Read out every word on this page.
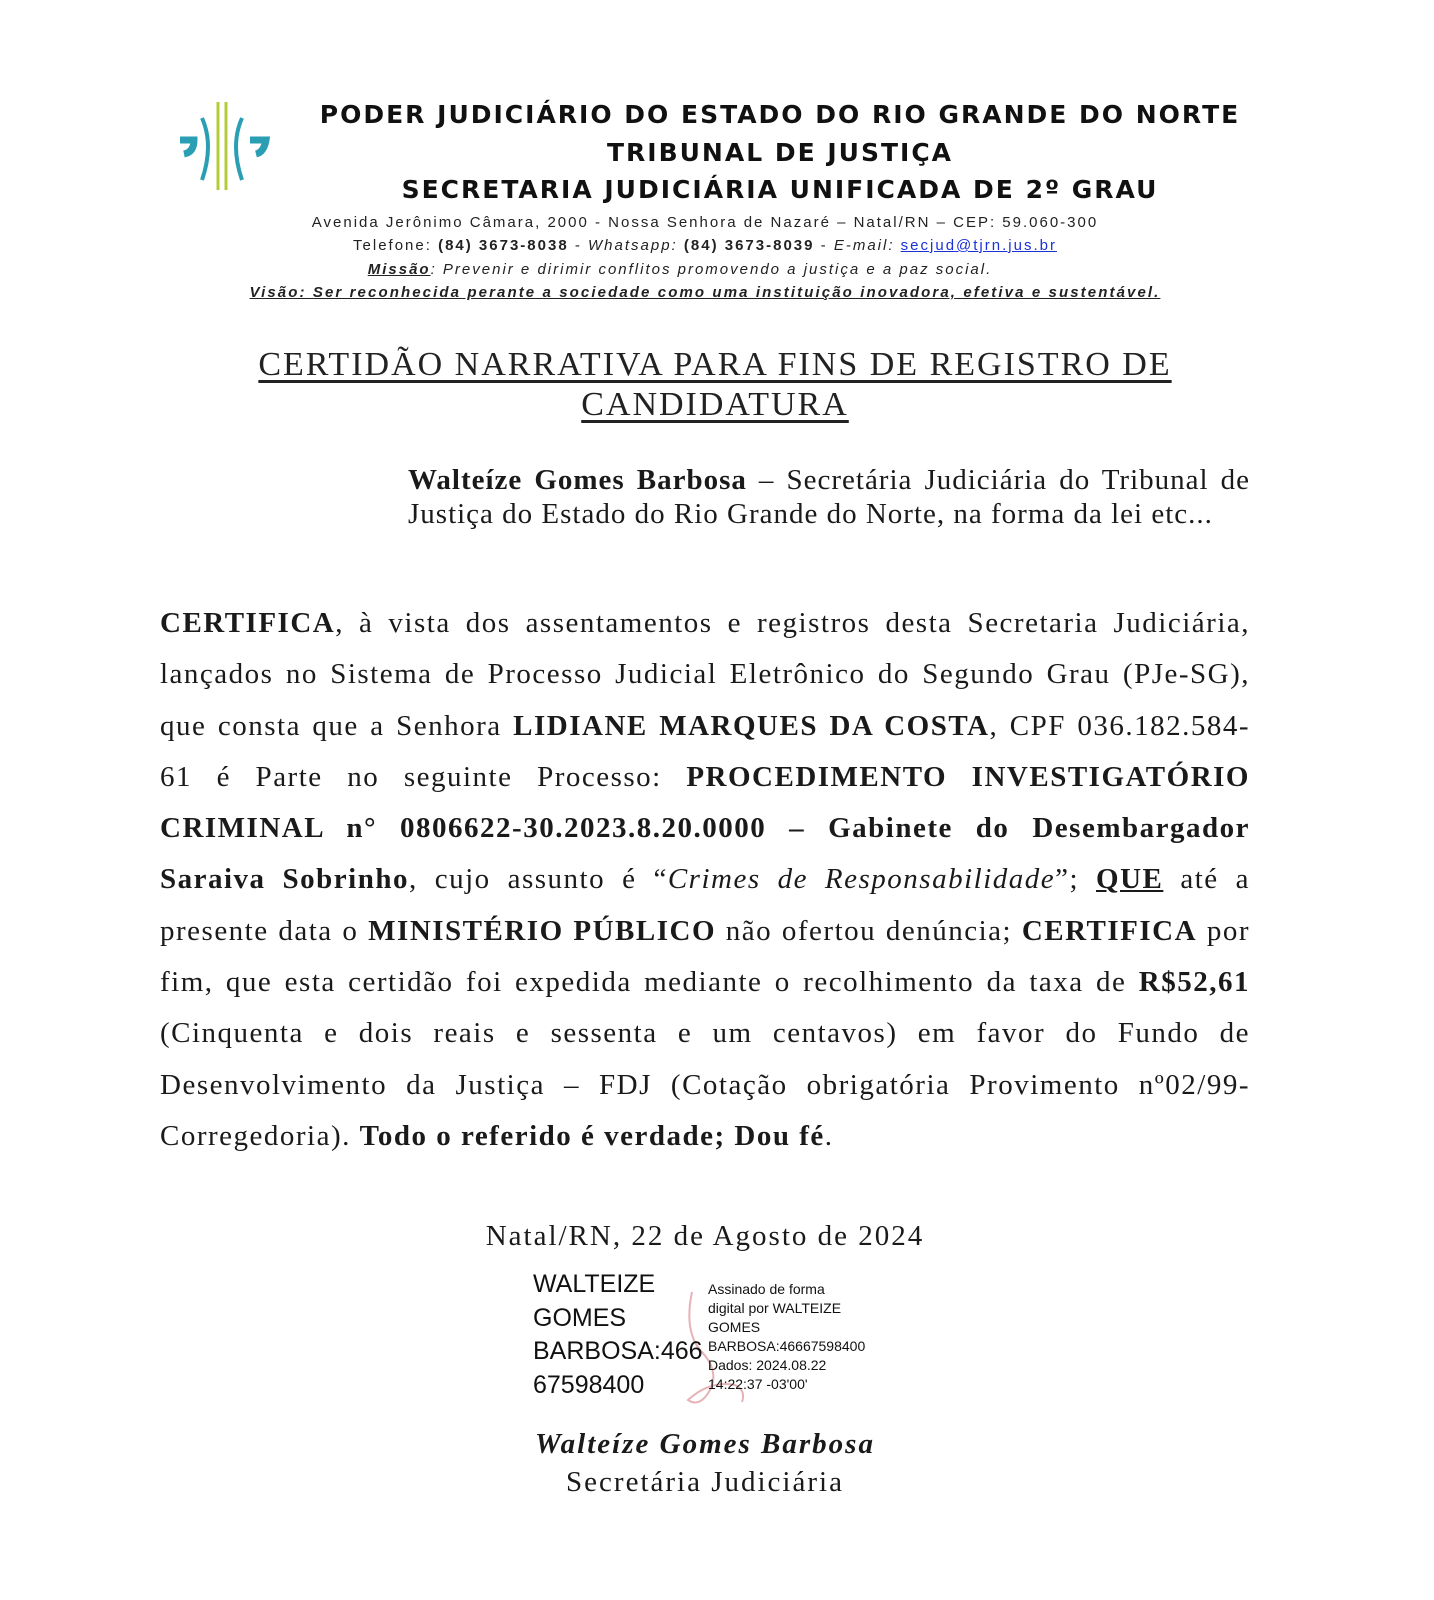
PODER JUDICIÁRIO DO ESTADO DO RIO GRANDE DO NORTE
TRIBUNAL DE JUSTIÇA
SECRETARIA JUDICIÁRIA UNIFICADA DE 2º GRAU
Avenida Jerônimo Câmara, 2000 - Nossa Senhora de Nazaré – Natal/RN – CEP: 59.060-300
Telefone: (84) 3673-8038 - Whatsapp: (84) 3673-8039 - E-mail: secjud@tjrn.jus.br
Missão: Prevenir e dirimir conflitos promovendo a justiça e a paz social.
Visão: Ser reconhecida perante a sociedade como uma instituição inovadora, efetiva e sustentável.
CERTIDÃO NARRATIVA PARA FINS DE REGISTRO DE
CANDIDATURA
Walteíze Gomes Barbosa – Secretária Judiciária do Tribunal de Justiça do Estado do Rio Grande do Norte, na forma da lei etc...
CERTIFICA, à vista dos assentamentos e registros desta Secretaria Judiciária, lançados no Sistema de Processo Judicial Eletrônico do Segundo Grau (PJe-SG), que consta que a Senhora LIDIANE MARQUES DA COSTA, CPF 036.182.584-61 é Parte no seguinte Processo: PROCEDIMENTO INVESTIGATÓRIO CRIMINAL n° 0806622-30.2023.8.20.0000 – Gabinete do Desembargador Saraiva Sobrinho, cujo assunto é “Crimes de Responsabilidade”; QUE até a presente data o MINISTÉRIO PÚBLICO não ofertou denúncia; CERTIFICA por fim, que esta certidão foi expedida mediante o recolhimento da taxa de R$52,61 (Cinquenta e dois reais e sessenta e um centavos) em favor do Fundo de Desenvolvimento da Justiça – FDJ (Cotação obrigatória Provimento nº02/99-Corregedoria). Todo o referido é verdade; Dou fé.
Natal/RN, 22 de Agosto de 2024
WALTEIZE
GOMES
BARBOSA:466
67598400
Assinado de forma
digital por WALTEIZE
GOMES
BARBOSA:46667598400
Dados: 2024.08.22
14:22:37 -03'00'
Walteíze Gomes Barbosa
Secretária Judiciária
